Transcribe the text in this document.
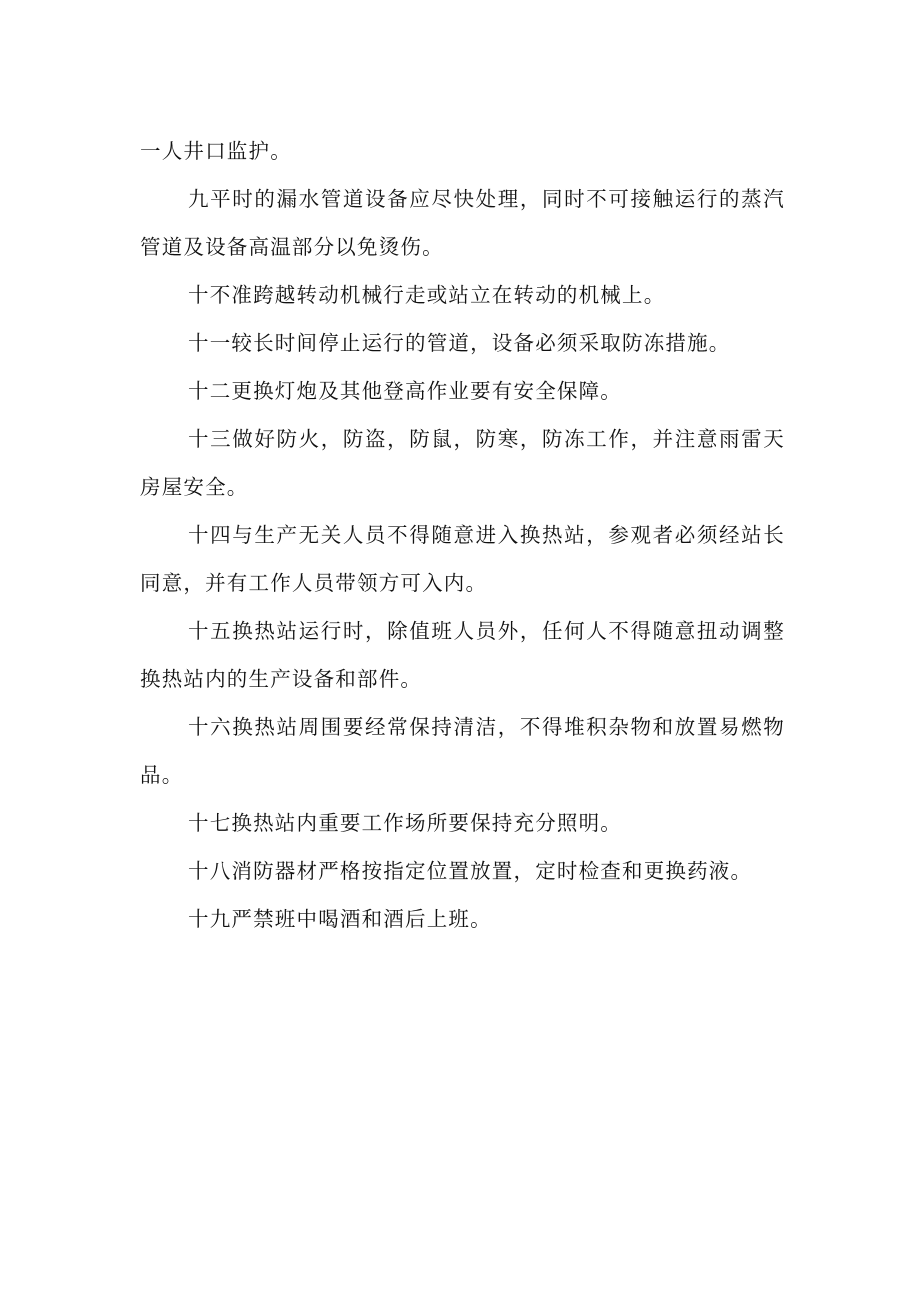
一人井口监护。

九平时的漏水管道设备应尽快处理，同时不可接触运行的蒸汽管道及设备高温部分以免烫伤。

十不准跨越转动机械行走或站立在转动的机械上。

十一较长时间停止运行的管道，设备必须采取防冻措施。

十二更换灯炮及其他登高作业要有安全保障。

十三做好防火，防盗，防鼠，防寒，防冻工作，并注意雨雷天房屋安全。

十四与生产无关人员不得随意进入换热站，参观者必须经站长同意，并有工作人员带领方可入内。

十五换热站运行时，除值班人员外，任何人不得随意扭动调整换热站内的生产设备和部件。

十六换热站周围要经常保持清洁，不得堆积杂物和放置易燃物品。

十七换热站内重要工作场所要保持充分照明。

十八消防器材严格按指定位置放置，定时检查和更换药液。

十九严禁班中喝酒和酒后上班。
